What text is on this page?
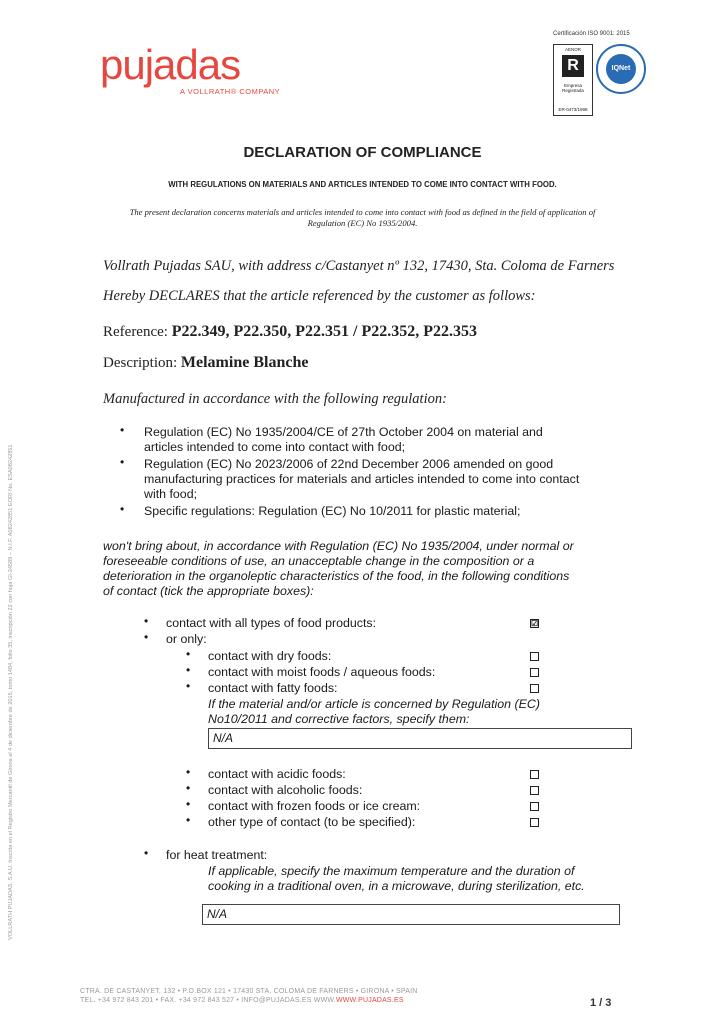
pujadas
A VOLLRATH® COMPANY
Certificación ISO 9001: 2015
AENOR
R
Empresa Registrada
ER-0473/1998
IQNet
DECLARATION OF COMPLIANCE
WITH REGULATIONS ON MATERIALS AND ARTICLES INTENDED TO COME INTO CONTACT WITH FOOD.
The present declaration concerns materials and articles intended to come into contact with food as defined in the field of application of Regulation (EC) No 1935/2004.
Vollrath Pujadas SAU, with address c/Castanyet nº 132, 17430, Sta. Coloma de Farners
Hereby DECLARES that the article referenced by the customer as follows:
Reference: P22.349, P22.350, P22.351 / P22.352, P22.353
Description: Melamine Blanche
Manufactured in accordance with the following regulation:
• Regulation (EC) No 1935/2004/CE of 27th October 2004 on material and
articles intended to come into contact with food;
• Regulation (EC) No 2023/2006 of 22nd December 2006 amended on good
manufacturing practices for materials and articles intended to come into contact
with food;
• Specific regulations: Regulation (EC) No 10/2011 for plastic material;
won't bring about, in accordance with Regulation (EC) No 1935/2004, under normal or
foreseeable conditions of use, an unacceptable change in the composition or a
deterioration in the organoleptic characteristics of the food, in the following conditions
of contact (tick the appropriate boxes):
• contact with all types of food products:	☑
• or only:
• contact with dry foods:
• contact with moist foods / aqueous foods:
• contact with fatty foods:
If the material and/or article is concerned by Regulation (EC)
No10/2011 and corrective factors, specify them:
N/A
• contact with acidic foods:
• contact with alcoholic foods:
• contact with frozen foods or ice cream:
• other type of contact (to be specified):
• for heat treatment:
If applicable, specify the maximum temperature and the duration of
cooking in a traditional oven, in a microwave, during sterilization, etc.
N/A
VOLLRATH PUJADAS, S.A.U. Inscrita en el Registro Mercantil de Girona el 4 de diciembre de 2015, tomo 1484, folio 35, inscripción 22 con hoja GI-24589 – N.I.F. A08242851 EORI No. ESA08242851
CTRA. DE CASTANYET, 132 • P.O.BOX 121 • 17430 STA. COLOMA DE FARNERS • GIRONA • SPAIN
TEL. +34 972 843 201 • FAX. +34 972 843 527 • INFO@PUJADAS.ES WWW.WWW.PUJADAS.ES	1 / 3
